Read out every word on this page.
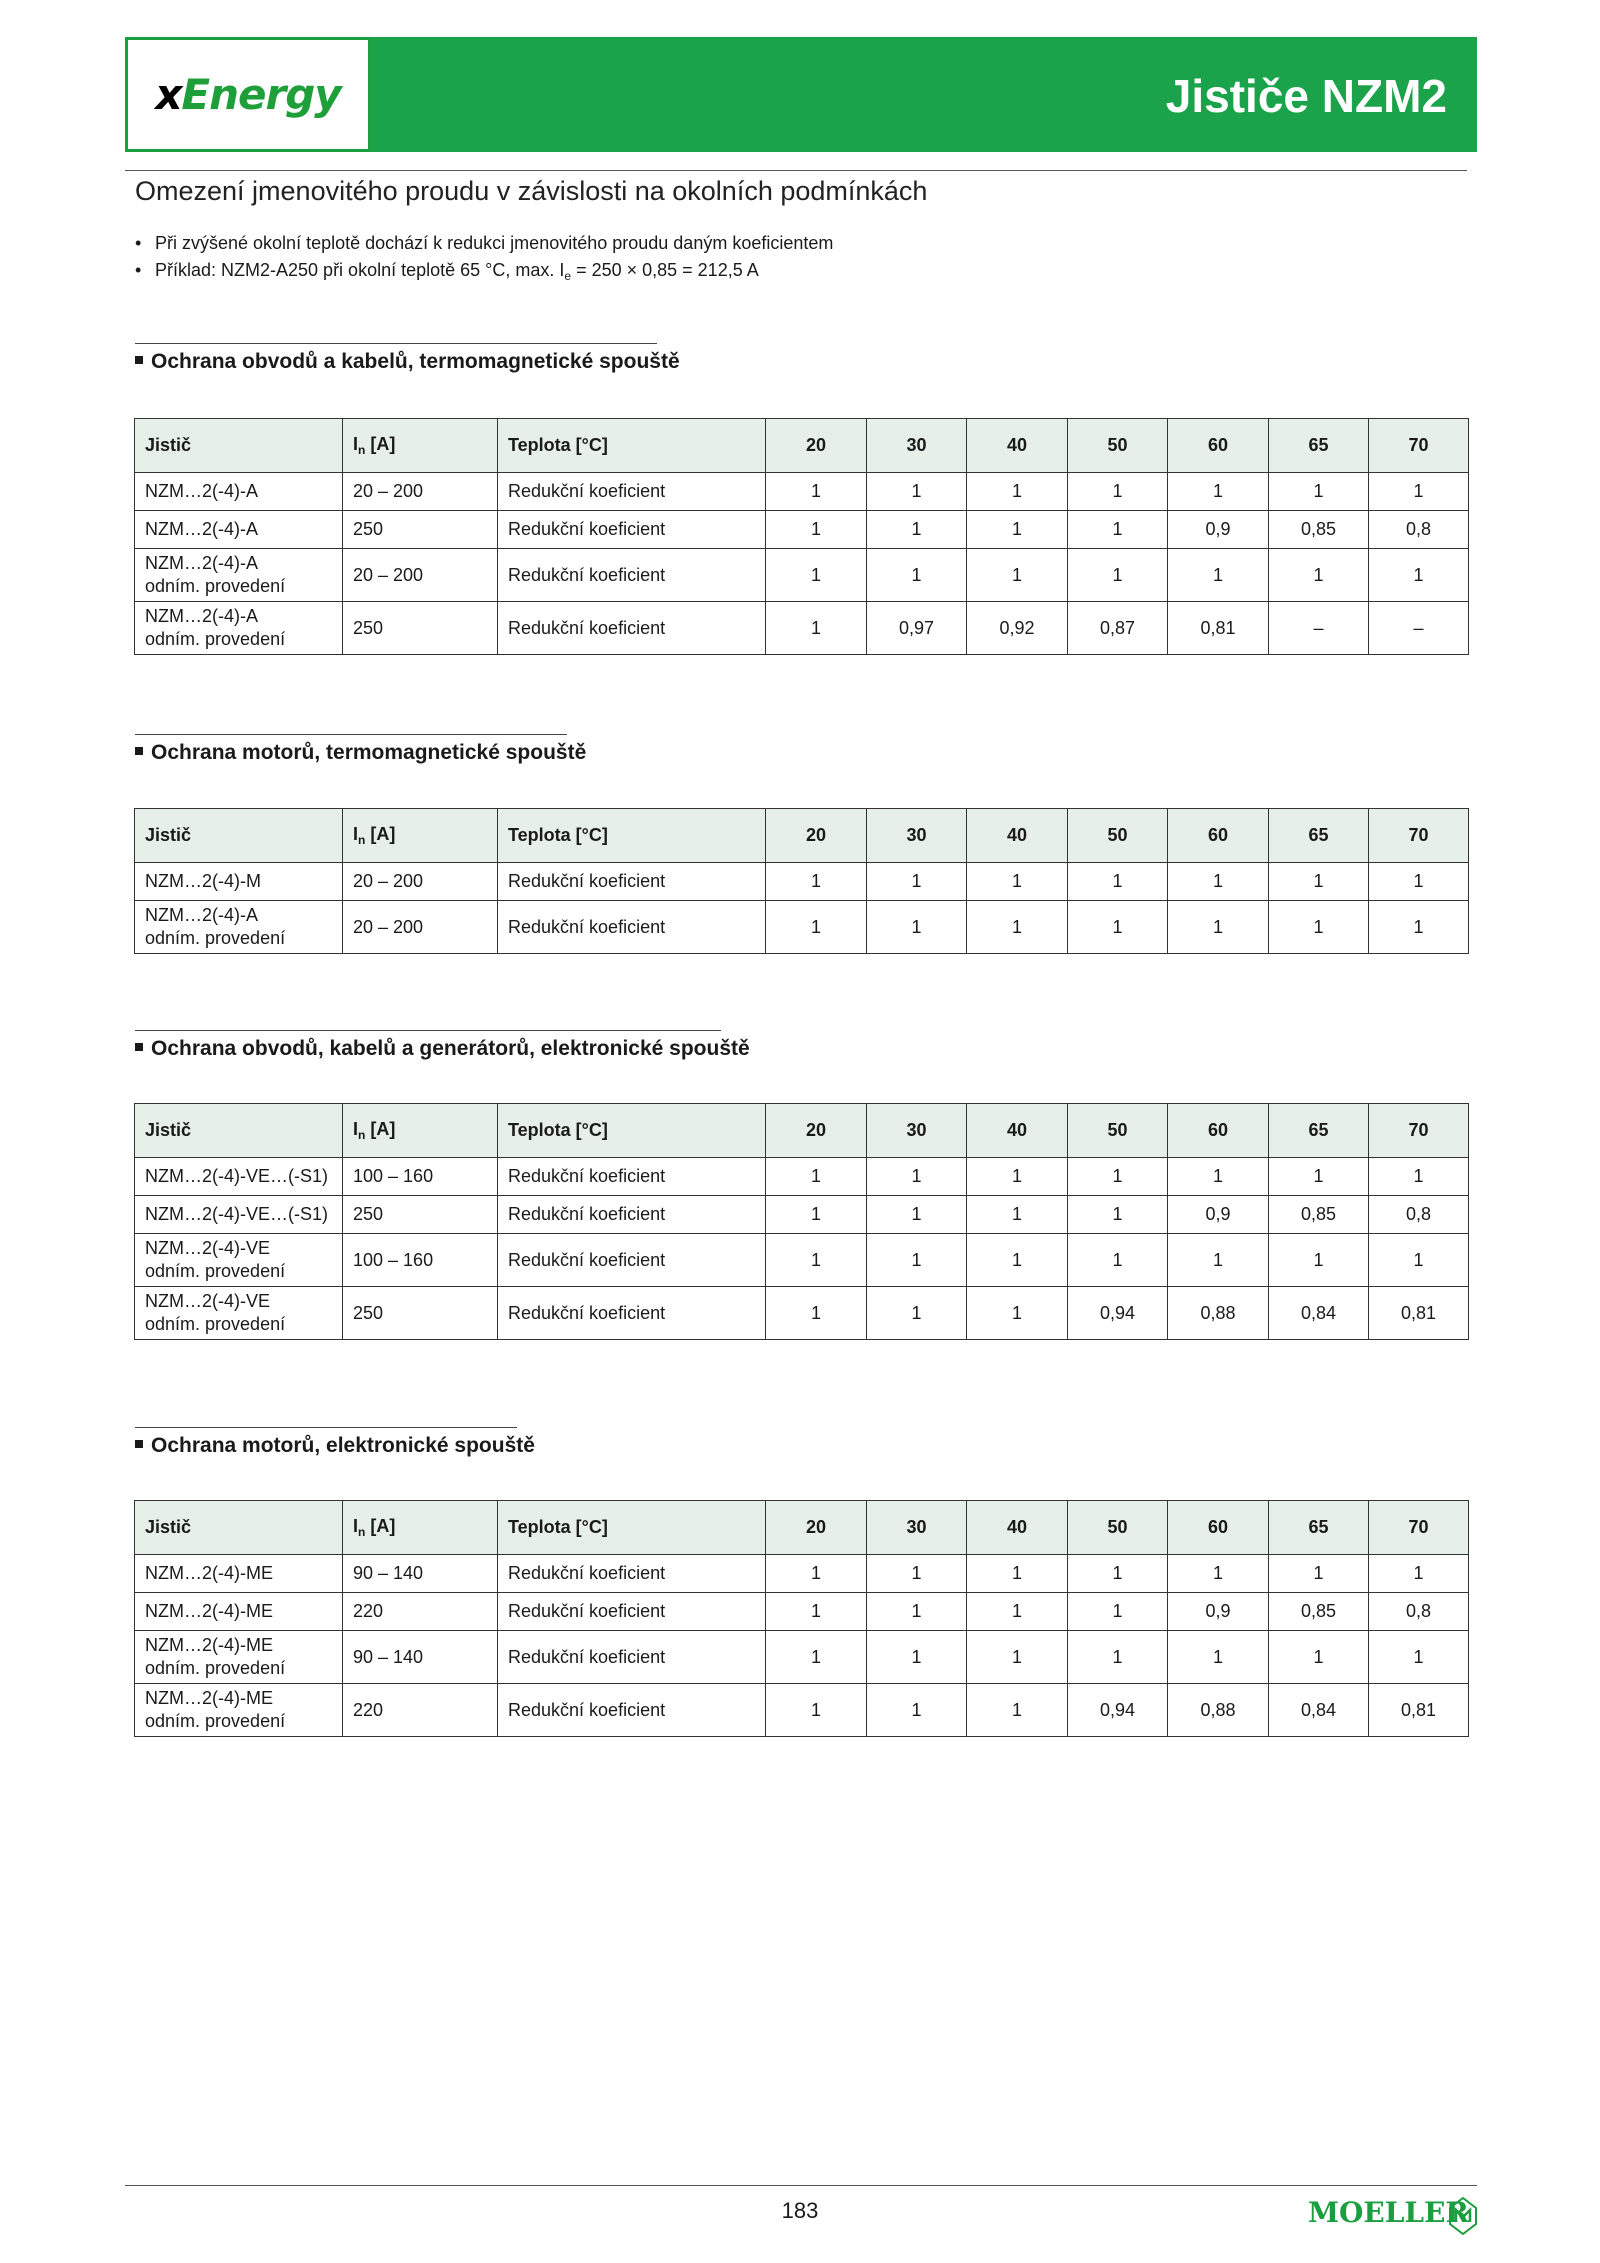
xEnergy	Jističe NZM2
Omezení jmenovitého proudu v závislosti na okolních podmínkách
• Při zvýšené okolní teplotě dochází k redukci jmenovitého proudu daným koeficientem
• Příklad: NZM2-A250 při okolní teplotě 65 °C, max. $I_e = 250 \times 0,85 = 212,5$ A
Ochrana obvodů a kabelů, termomagnetické spouště
Jistič	$I_n$ [A]	Teplota [°C]	20	30	40	50	60	65	70

NZM…2(-4)-A	20 – 200	Redukční koeficient	1	1	1	1	1	1	1

NZM…2(-4)-A	250	Redukční koeficient	1	1	1	1	0,9	0,85	0,8

NZM…2(-4)-A
odním. provedení	20 – 200	Redukční koeficient	1	1	1	1	1	1	1

NZM…2(-4)-A
odním. provedení	250	Redukční koeficient	1	0,97	0,92	0,87	0,81	–	–
Ochrana motorů, termomagnetické spouště
Jistič	$I_n$ [A]	Teplota [°C]	20	30	40	50	60	65	70

NZM…2(-4)-M	20 – 200	Redukční koeficient	1	1	1	1	1	1	1

NZM…2(-4)-A
odním. provedení	20 – 200	Redukční koeficient	1	1	1	1	1	1	1
Ochrana obvodů, kabelů a generátorů, elektronické spouště
Jistič	$I_n$ [A]	Teplota [°C]	20	30	40	50	60	65	70

NZM…2(-4)-VE…(-S1)	100 – 160	Redukční koeficient	1	1	1	1	1	1	1

NZM…2(-4)-VE…(-S1)	250	Redukční koeficient	1	1	1	1	0,9	0,85	0,8

NZM…2(-4)-VE
odním. provedení	100 – 160	Redukční koeficient	1	1	1	1	1	1	1

NZM…2(-4)-VE
odním. provedení	250	Redukční koeficient	1	1	1	0,94	0,88	0,84	0,81
Ochrana motorů, elektronické spouště
Jistič	$I_n$ [A]	Teplota [°C]	20	30	40	50	60	65	70

NZM…2(-4)-ME	90 – 140	Redukční koeficient	1	1	1	1	1	1	1

NZM…2(-4)-ME	220	Redukční koeficient	1	1	1	1	0,9	0,85	0,8

NZM…2(-4)-ME
odním. provedení	90 – 140	Redukční koeficient	1	1	1	1	1	1	1

NZM…2(-4)-ME
odním. provedení	220	Redukční koeficient	1	1	1	0,94	0,88	0,84	0,81
183	MOELLER
